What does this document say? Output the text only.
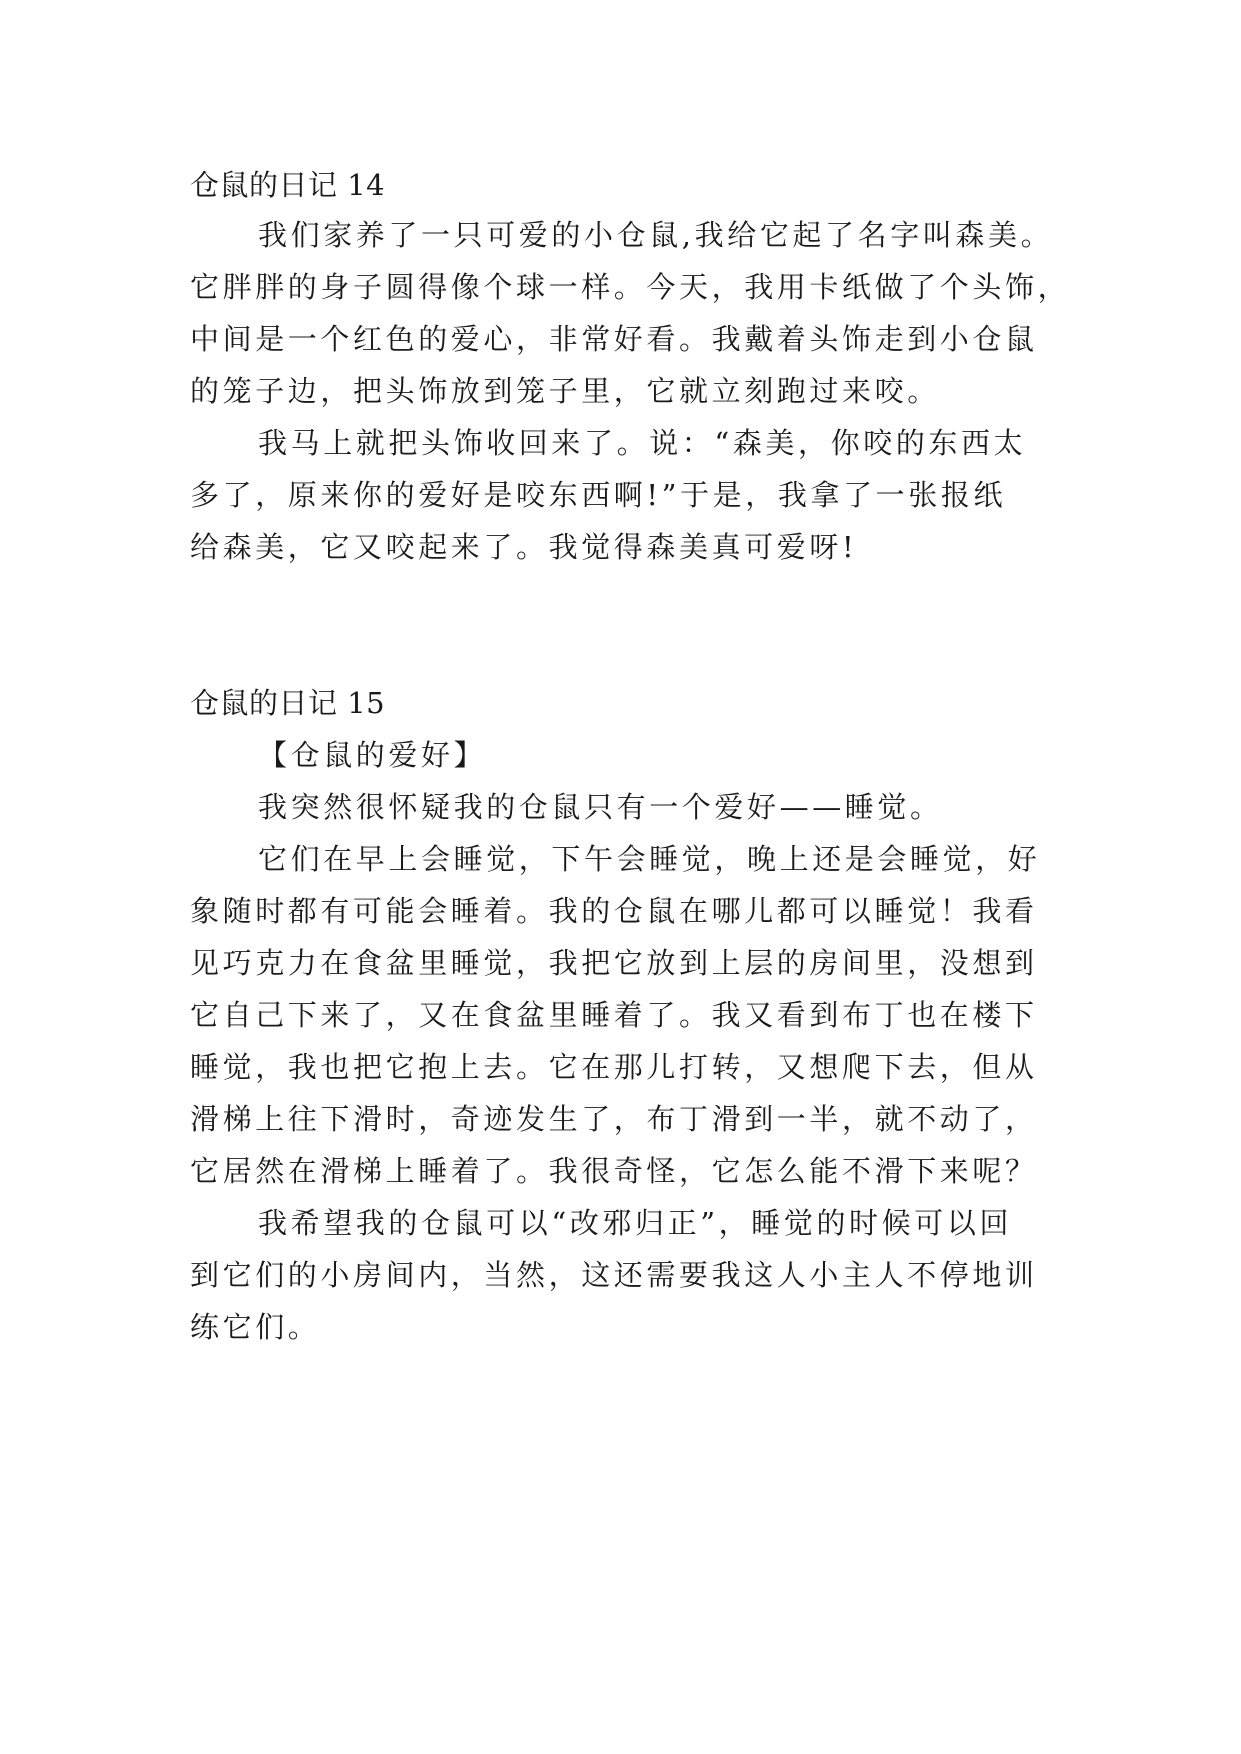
仓鼠的日记 14
我们家养了一只可爱的小仓鼠,我给它起了名字叫森美。
它胖胖的身子圆得像个球一样。今天，我用卡纸做了个头饰，
中间是一个红色的爱心，非常好看。我戴着头饰走到小仓鼠
的笼子边，把头饰放到笼子里，它就立刻跑过来咬。
我马上就把头饰收回来了。说：“森美，你咬的东西太
多了，原来你的爱好是咬东西啊!”于是，我拿了一张报纸
给森美，它又咬起来了。我觉得森美真可爱呀!
仓鼠的日记 15
【仓鼠的爱好】
我突然很怀疑我的仓鼠只有一个爱好——睡觉。
它们在早上会睡觉，下午会睡觉，晚上还是会睡觉，好
象随时都有可能会睡着。我的仓鼠在哪儿都可以睡觉！我看
见巧克力在食盆里睡觉，我把它放到上层的房间里，没想到
它自己下来了，又在食盆里睡着了。我又看到布丁也在楼下
睡觉，我也把它抱上去。它在那儿打转，又想爬下去，但从
滑梯上往下滑时，奇迹发生了，布丁滑到一半，就不动了，
它居然在滑梯上睡着了。我很奇怪，它怎么能不滑下来呢？
我希望我的仓鼠可以“改邪归正”，睡觉的时候可以回
到它们的小房间内，当然，这还需要我这人小主人不停地训
练它们。
